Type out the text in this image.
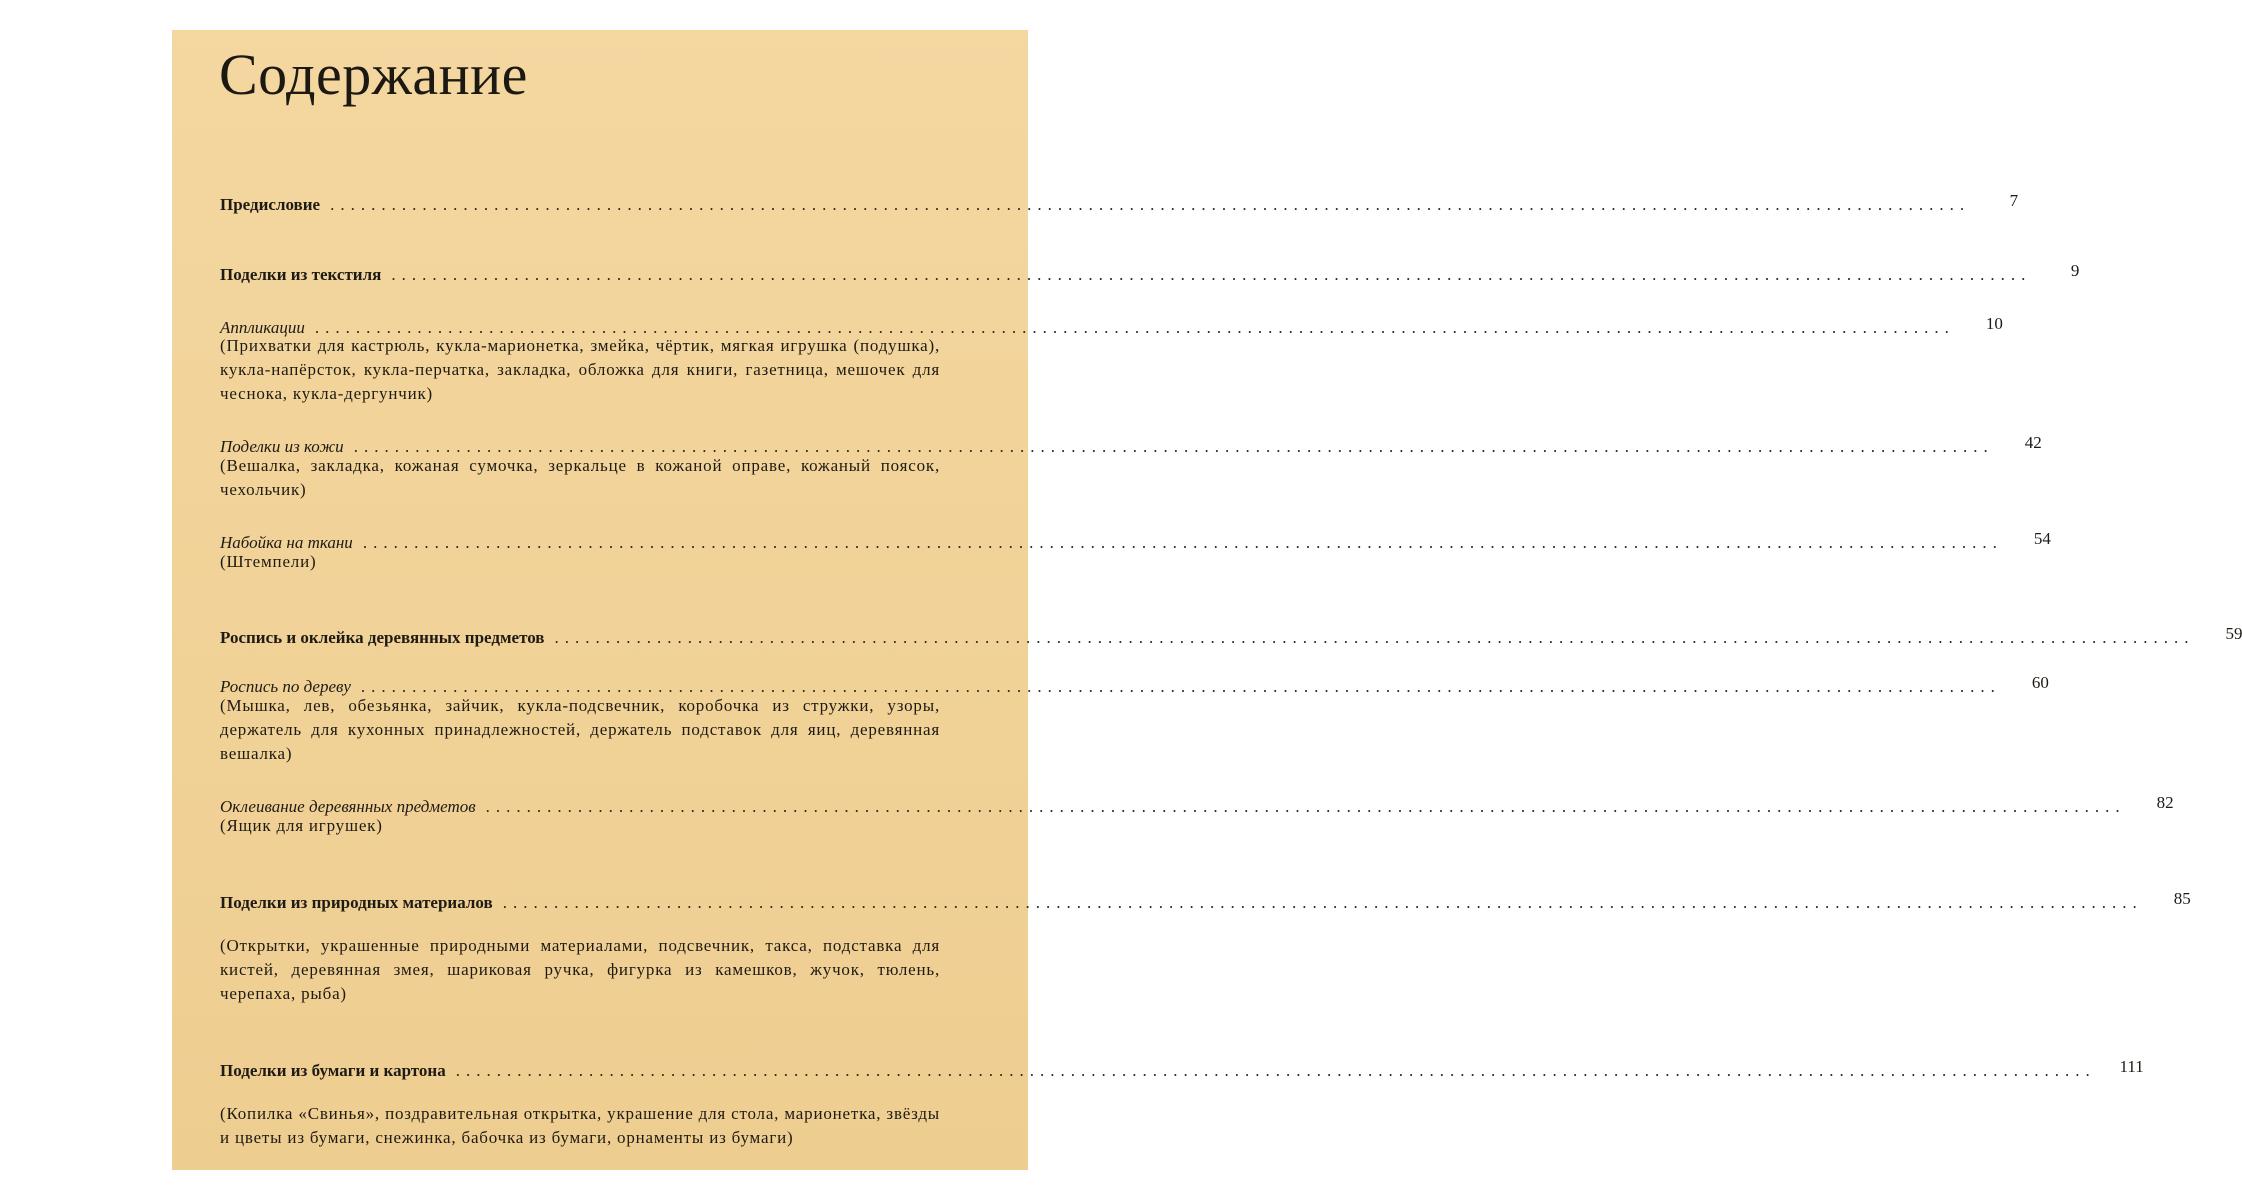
Содержание
Предисловие ................................................................................................................................................................	7
Поделки из текстиля ................................................................................................................................................................	9
Аппликации ................................................................................................................................................................	10

(Прихватки для кастрюль, кукла-марионетка, змейка, чёртик, мягкая игрушка (подушка), кукла-напёрсток, кукла-перчатка, закладка, обложка для книги, газетница, мешочек для чеснока, кукла-дергунчик)

Поделки из кожи ................................................................................................................................................................	42

(Вешалка, закладка, кожаная сумочка, зеркальце в кожаной оправе, кожаный поясок, чехольчик)

Набойка на ткани ................................................................................................................................................................	54

(Штемпели)

Роспись и оклейка деревянных предметов ................................................................................................................................................................	59
Роспись по дереву ................................................................................................................................................................	60

(Мышка, лев, обезьянка, зайчик, кукла-подсвечник, коробочка из стружки, узоры, держатель для кухонных принадлежностей, держатель подставок для яиц, деревянная вешалка)

Оклеивание деревянных предметов ................................................................................................................................................................	82

(Ящик для игрушек)

Поделки из природных материалов ................................................................................................................................................................	85

(Открытки, украшенные природными материалами, подсвечник, такса, подставка для кистей, деревянная змея, шариковая ручка, фигурка из камешков, жучок, тюлень, черепаха, рыба)

Поделки из бумаги и картона ................................................................................................................................................................	111

(Копилка «Свинья», поздравительная открытка, украшение для стола, марионетка, звёзды и цветы из бумаги, снежинка, бабочка из бумаги, орнаменты из бумаги)
